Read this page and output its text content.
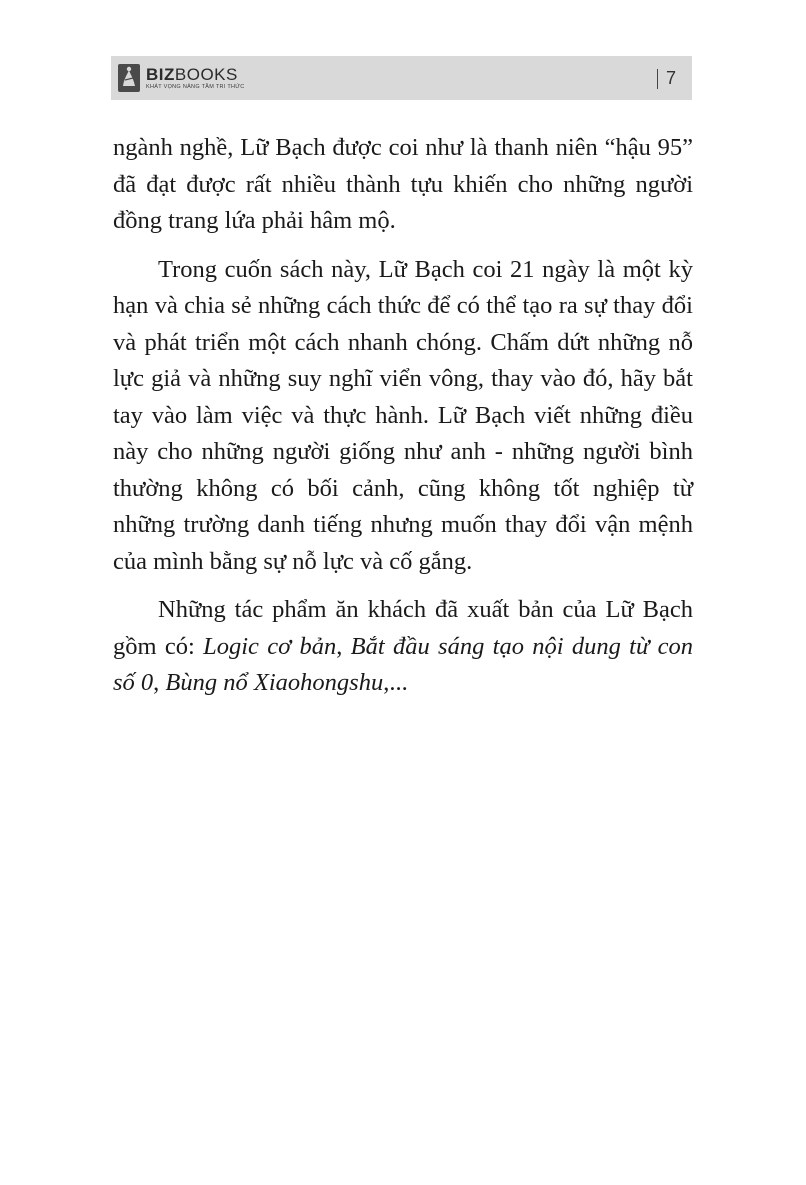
BIZBOOKS
KHÁT VỌNG NÂNG TẦM TRI THỨC	7

ngành nghề, Lữ Bạch được coi như là thanh niên “hậu 95” đã đạt được rất nhiều thành tựu khiến cho những người đồng trang lứa phải hâm mộ.

Trong cuốn sách này, Lữ Bạch coi 21 ngày là một kỳ hạn và chia sẻ những cách thức để có thể tạo ra sự thay đổi và phát triển một cách nhanh chóng. Chấm dứt những nỗ lực giả và những suy nghĩ viển vông, thay vào đó, hãy bắt tay vào làm việc và thực hành. Lữ Bạch viết những điều này cho những người giống như anh - những người bình thường không có bối cảnh, cũng không tốt nghiệp từ những trường danh tiếng nhưng muốn thay đổi vận mệnh của mình bằng sự nỗ lực và cố gắng.

Những tác phẩm ăn khách đã xuất bản của Lữ Bạch gồm có: Logic cơ bản, Bắt đầu sáng tạo nội dung từ con số 0, Bùng nổ Xiaohongshu,...
